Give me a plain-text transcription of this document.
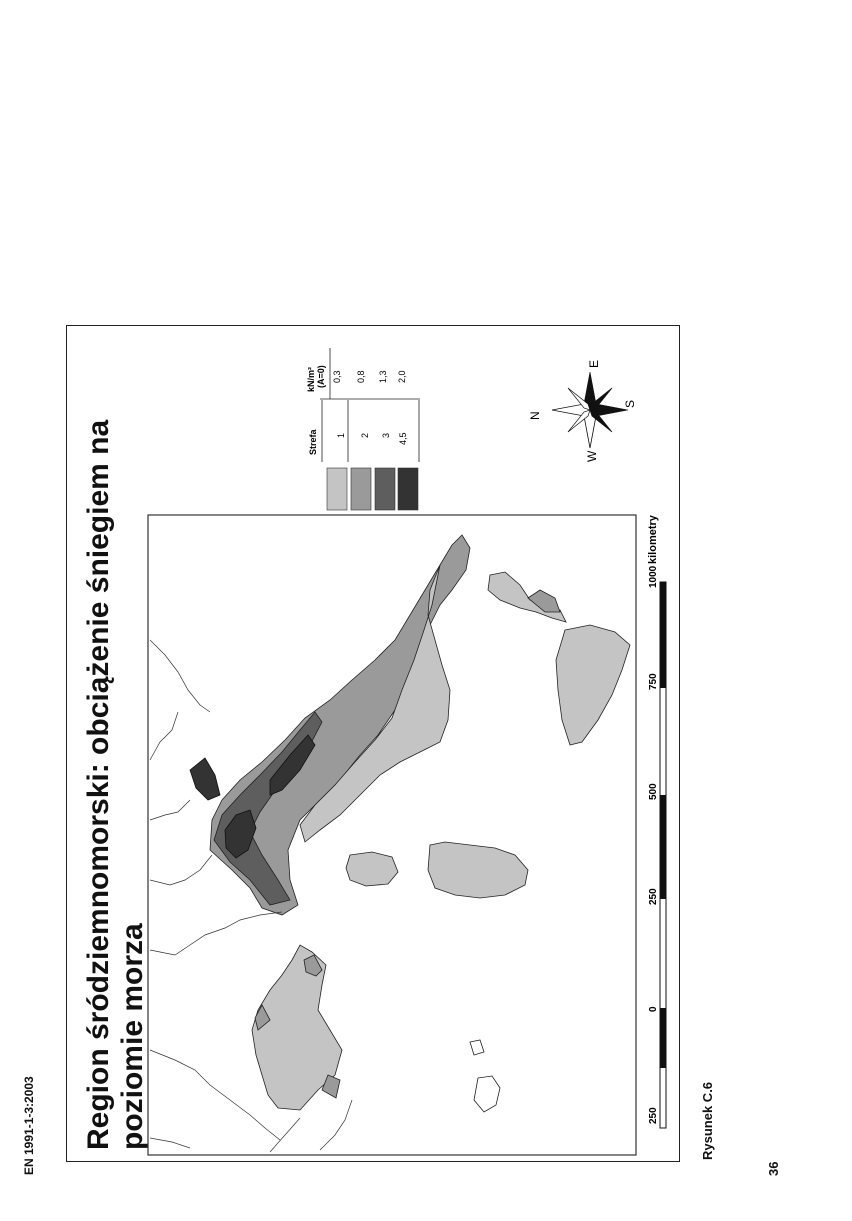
EN 1991-1-3:2003	Rysunek C.6
36
Region śródziemnomorski: obciążenie śniegiem na poziomie morza
Strefa
kN/m² (A=0)
1 2 3 4,5
0,3 0,8 1,3 2,0
N
E
S
W
250
0
250
500
750
1000
kilometry
